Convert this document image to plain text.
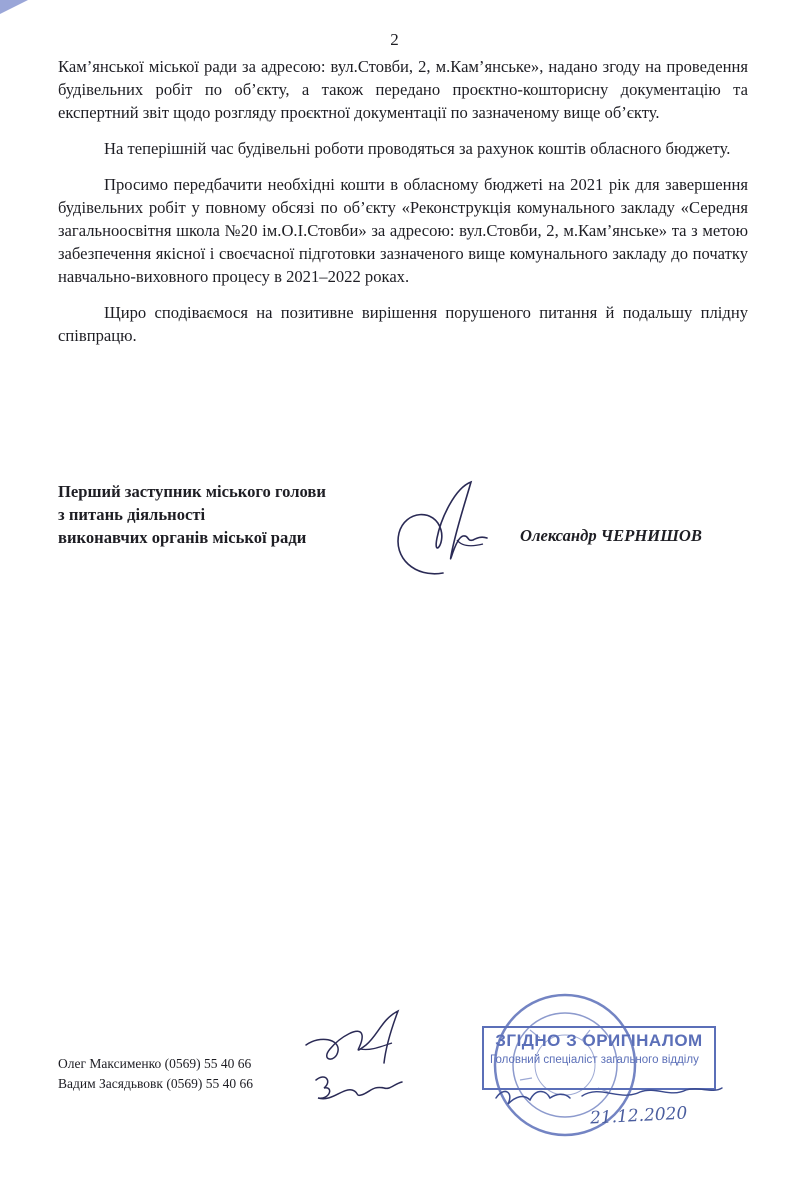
2

Кам’янської міської ради за адресою: вул.Стовби, 2, м.Кам’янське», надано згоду на проведення будівельних робіт по об’єкту, а також передано проєктно-кошторисну документацію та експертний звіт щодо розгляду проєктної документації по зазначеному вище об’єкту.

На теперішній час будівельні роботи проводяться за рахунок коштів обласного бюджету.

Просимо передбачити необхідні кошти в обласному бюджеті на 2021 рік для завершення будівельних робіт у повному обсязі по об’єкту «Реконструкція комунального закладу «Середня загальноосвітня школа №20 ім.О.І.Стовби» за адресою: вул.Стовби, 2, м.Кам’янське» та з метою забезпечення якісної і своєчасної підготовки зазначеного вище комунального закладу до початку навчально-виховного процесу в 2021–2022 роках.

Щиро сподіваємося на позитивне вирішення порушеного питання й подальшу плідну співпрацю.

Перший заступник міського голови
з питань діяльності
виконавчих органів міської ради	Олександр ЧЕРНИШОВ
Олег Максименко (0569) 55 40 66
Вадим Засядьвовк (0569) 55 40 66
ЗГІДНО З ОРИГІНАЛОМ
Головний спеціаліст загального відділу
21.12.2020
